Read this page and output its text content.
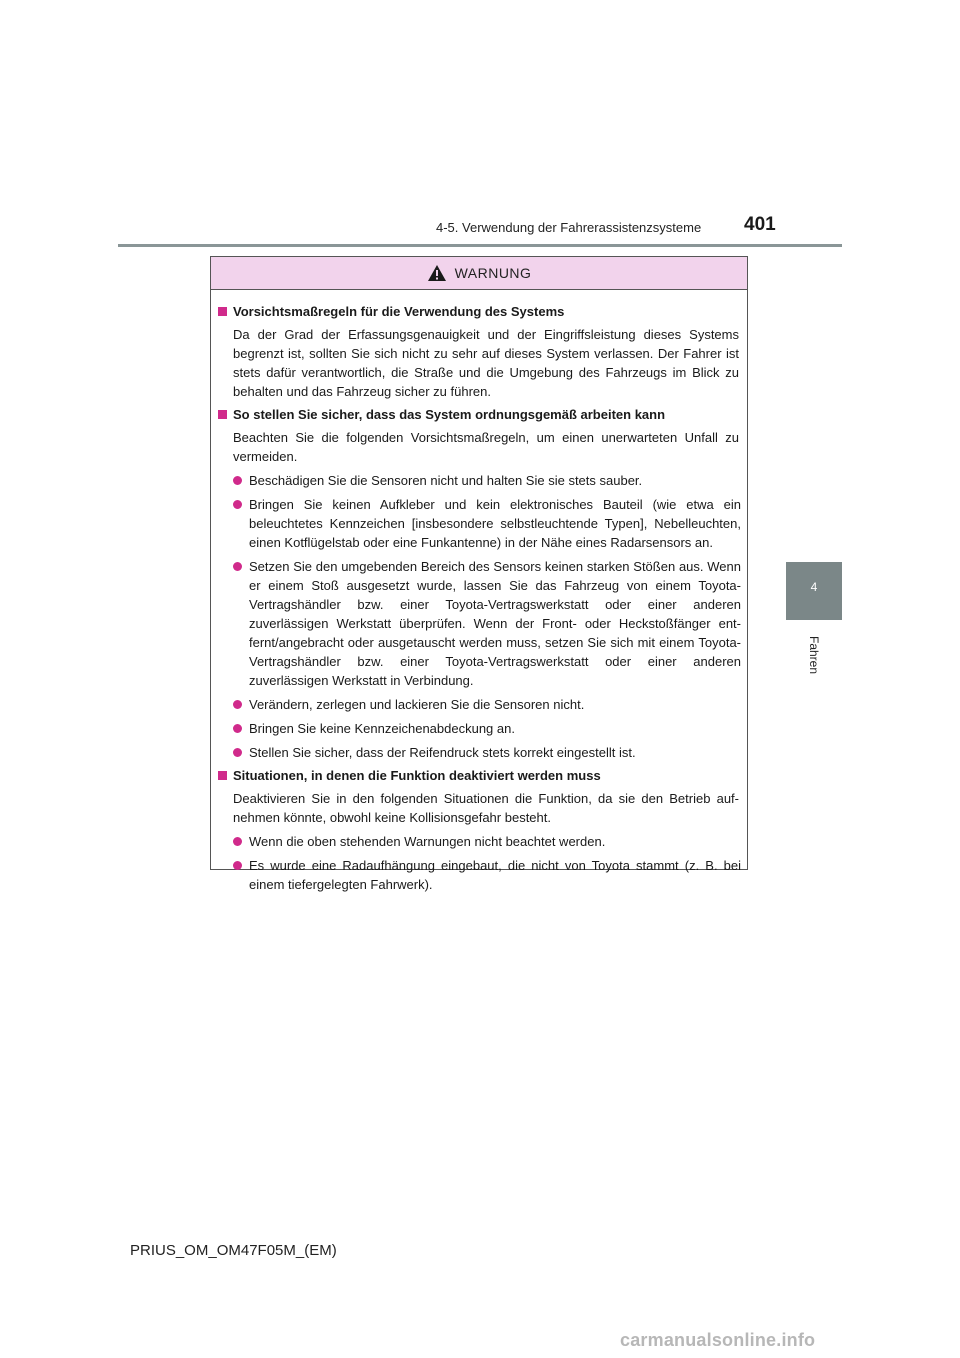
4-5. Verwendung der Fahrerassistenzsysteme 401
4
Fahren
WARNUNG
Vorsichtsmaßregeln für die Verwendung des Systems
Da der Grad der Erfassungsgenauigkeit und der Eingriffsleistung dieses Systems begrenzt ist, sollten Sie sich nicht zu sehr auf dieses System verlassen. Der Fahrer ist stets dafür verantwortlich, die Straße und die Umgebung des Fahrzeugs im Blick zu behalten und das Fahrzeug sicher zu führen.
So stellen Sie sicher, dass das System ordnungsgemäß arbeiten kann
Beachten Sie die folgenden Vorsichtsmaßregeln, um einen unerwarteten Unfall zu vermeiden.
Beschädigen Sie die Sensoren nicht und halten Sie sie stets sauber.
Bringen Sie keinen Aufkleber und kein elektronisches Bauteil (wie etwa ein beleuchtetes Kennzeichen [insbesondere selbstleuchtende Typen], Nebelleuchten, einen Kotflügelstab oder eine Funkantenne) in der Nähe eines Radarsensors an.
Setzen Sie den umgebenden Bereich des Sensors keinen starken Stößen aus. Wenn er einem Stoß ausgesetzt wurde, lassen Sie das Fahrzeug von einem Toyota-Vertragshändler bzw. einer Toyota-Vertragswerkstatt oder einer anderen zuverlässigen Werkstatt überprüfen. Wenn der Front- oder Heckstoßfänger ent-fernt/angebracht oder ausgetauscht werden muss, setzen Sie sich mit einem Toyota-Vertragshändler bzw. einer Toyota-Vertragswerkstatt oder einer anderen zuverlässigen Werkstatt in Verbindung.
Verändern, zerlegen und lackieren Sie die Sensoren nicht.
Bringen Sie keine Kennzeichenabdeckung an.
Stellen Sie sicher, dass der Reifendruck stets korrekt eingestellt ist.
Situationen, in denen die Funktion deaktiviert werden muss
Deaktivieren Sie in den folgenden Situationen die Funktion, da sie den Betrieb auf-nehmen könnte, obwohl keine Kollisionsgefahr besteht.
Wenn die oben stehenden Warnungen nicht beachtet werden.
Es wurde eine Radaufhängung eingebaut, die nicht von Toyota stammt (z. B. bei einem tiefergelegten Fahrwerk).
PRIUS_OM_OM47F05M_(EM)
carmanualsonline.info
